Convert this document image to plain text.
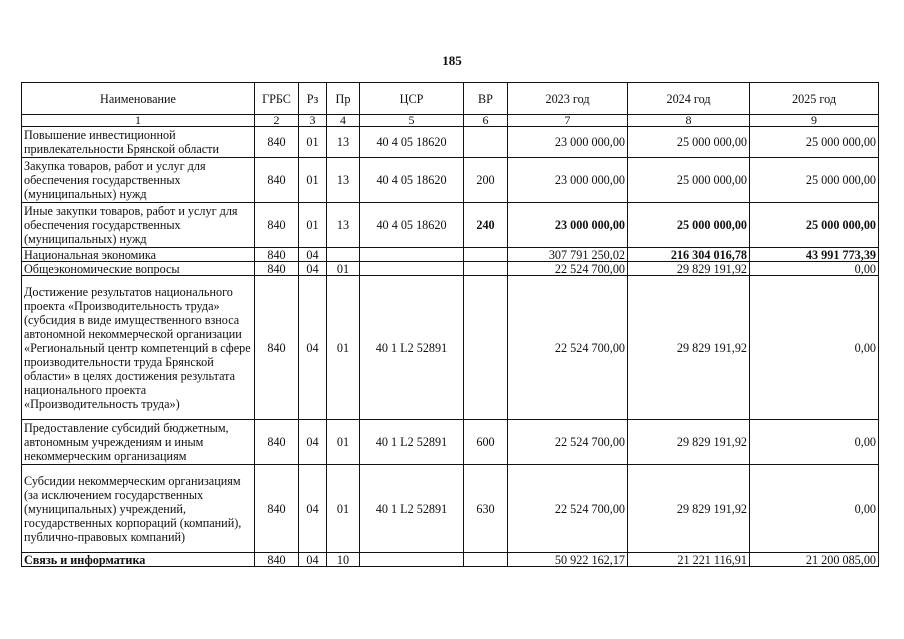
185
Наименование	ГРБС	Рз	Пр	ЦСР	ВР	2023 год	2024 год	2025 год
1	2	3	4	5	6	7	8	9
Повышение инвестиционной привлекательности Брянской области	840	01	13	40 4 05 18620		23 000 000,00	25 000 000,00	25 000 000,00
Закупка товаров, работ и услуг для обеспечения государственных (муниципальных) нужд	840	01	13	40 4 05 18620	200	23 000 000,00	25 000 000,00	25 000 000,00
Иные закупки товаров, работ и услуг для обеспечения государственных (муниципальных) нужд	840	01	13	40 4 05 18620	240	23 000 000,00	25 000 000,00	25 000 000,00
Национальная экономика	840	04				307 791 250,02	216 304 016,78	43 991 773,39
Общеэкономические вопросы	840	04	01			22 524 700,00	29 829 191,92	0,00
Достижение результатов национального проекта «Производительность труда» (субсидия в виде имущественного взноса автономной некоммерческой организации «Региональный центр компетенций в сфере производительности труда Брянской области» в целях достижения результата национального проекта «Производительность труда»)	840	04	01	40 1 L2 52891		22 524 700,00	29 829 191,92	0,00
Предоставление субсидий бюджетным, автономным учреждениям и иным некоммерческим организациям	840	04	01	40 1 L2 52891	600	22 524 700,00	29 829 191,92	0,00
Субсидии некоммерческим организациям (за исключением государственных (муниципальных) учреждений, государственных корпораций (компаний), публично-правовых компаний)	840	04	01	40 1 L2 52891	630	22 524 700,00	29 829 191,92	0,00
Связь и информатика	840	04	10			50 922 162,17	21 221 116,91	21 200 085,00
